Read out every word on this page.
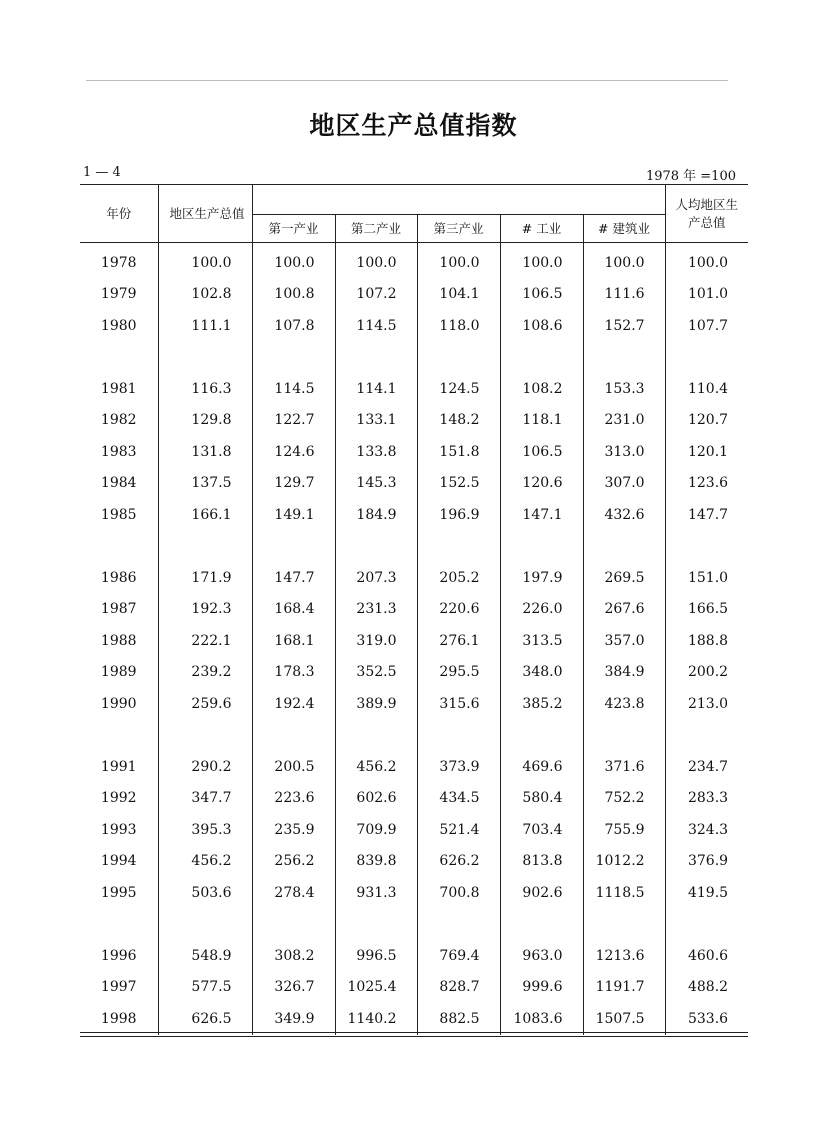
地区生产总值指数
1 — 4	1978 年 =100
年份	地区生产总值						人均地区生产总值
		第一产业	第二产业	第三产业	# 工业	# 建筑业	
1978	100.0	100.0	100.0	100.0	100.0	100.0	100.0
1979	102.8	100.8	107.2	104.1	106.5	111.6	101.0
1980	111.1	107.8	114.5	118.0	108.6	152.7	107.7

1981	116.3	114.5	114.1	124.5	108.2	153.3	110.4
1982	129.8	122.7	133.1	148.2	118.1	231.0	120.7
1983	131.8	124.6	133.8	151.8	106.5	313.0	120.1
1984	137.5	129.7	145.3	152.5	120.6	307.0	123.6
1985	166.1	149.1	184.9	196.9	147.1	432.6	147.7

1986	171.9	147.7	207.3	205.2	197.9	269.5	151.0
1987	192.3	168.4	231.3	220.6	226.0	267.6	166.5
1988	222.1	168.1	319.0	276.1	313.5	357.0	188.8
1989	239.2	178.3	352.5	295.5	348.0	384.9	200.2
1990	259.6	192.4	389.9	315.6	385.2	423.8	213.0

1991	290.2	200.5	456.2	373.9	469.6	371.6	234.7
1992	347.7	223.6	602.6	434.5	580.4	752.2	283.3
1993	395.3	235.9	709.9	521.4	703.4	755.9	324.3
1994	456.2	256.2	839.8	626.2	813.8	1012.2	376.9
1995	503.6	278.4	931.3	700.8	902.6	1118.5	419.5

1996	548.9	308.2	996.5	769.4	963.0	1213.6	460.6
1997	577.5	326.7	1025.4	828.7	999.6	1191.7	488.2
1998	626.5	349.9	1140.2	882.5	1083.6	1507.5	533.6
